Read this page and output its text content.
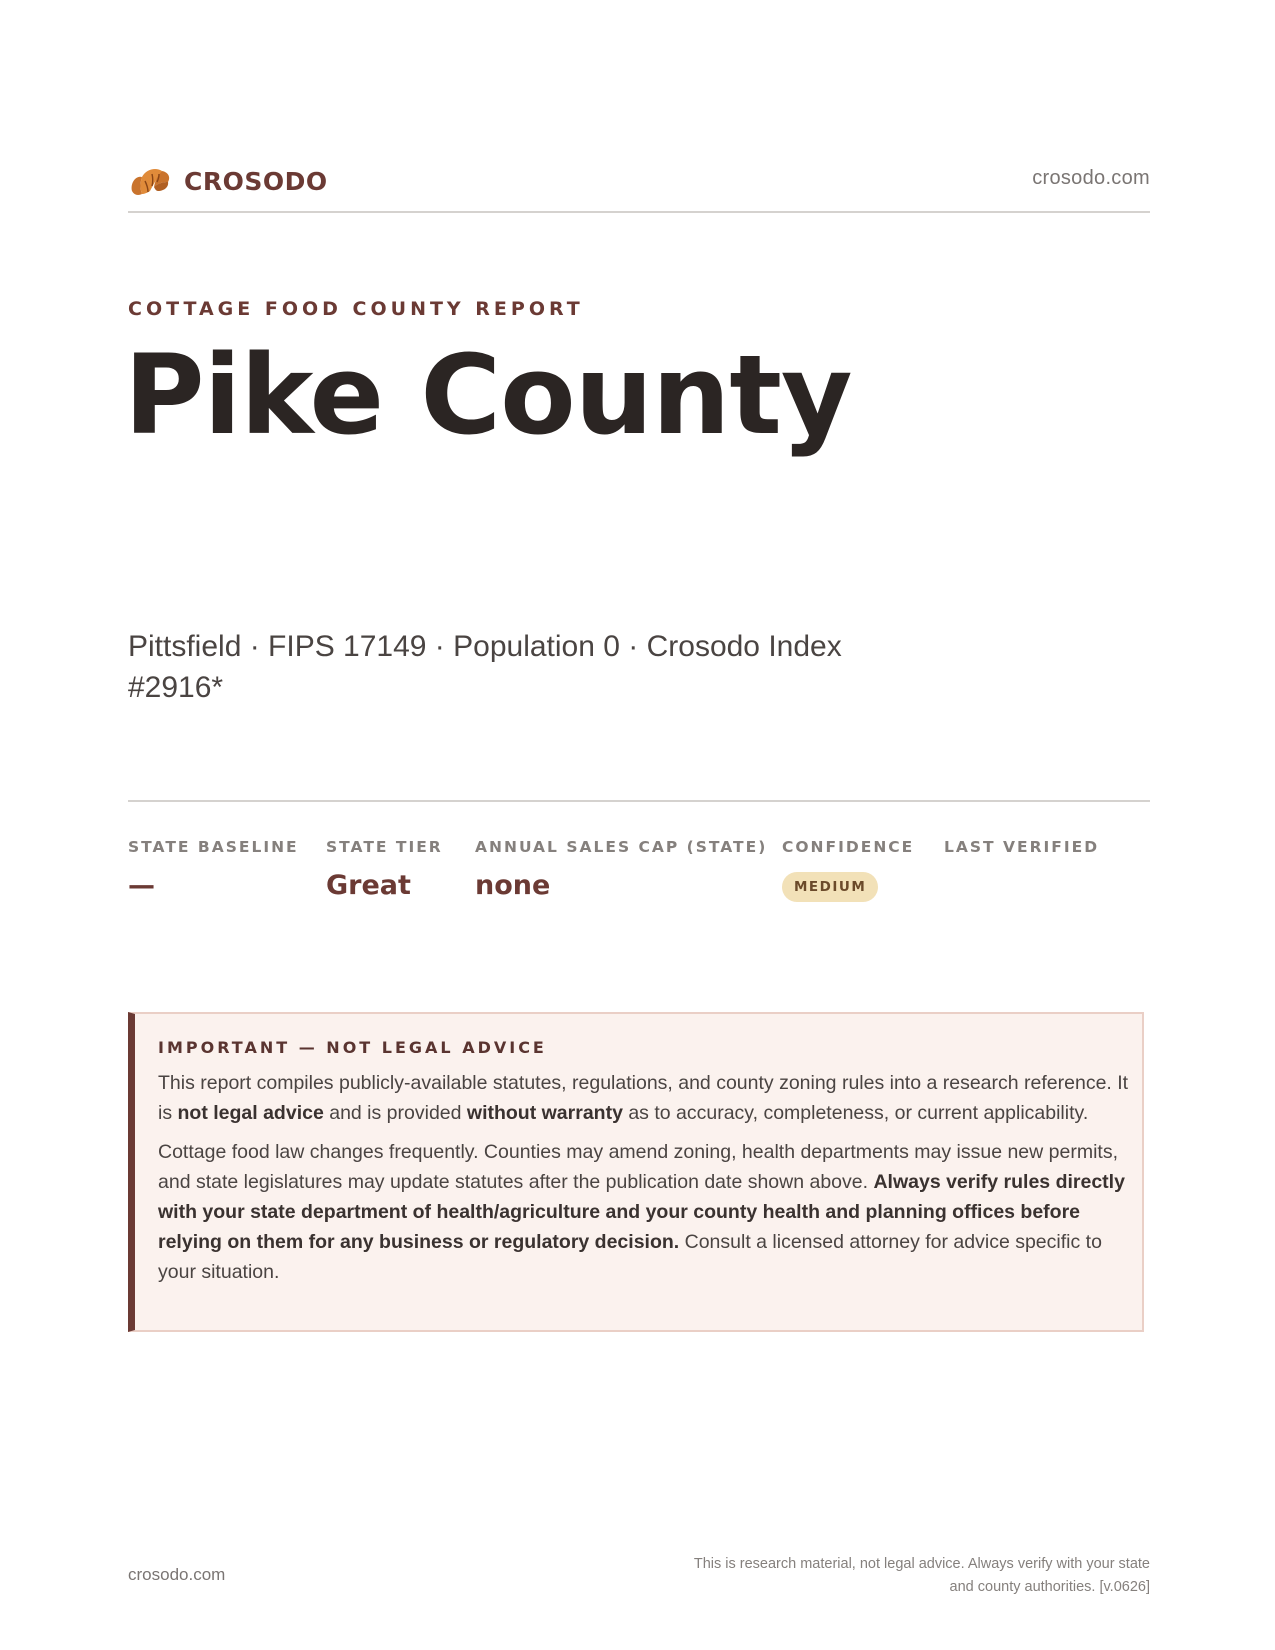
CROSODO	crosodo.com
COTTAGE FOOD COUNTY REPORT
Pike County
Pittsfield · FIPS 17149 · Population 0 · Crosodo Index #2916*
STATE BASELINE
—
STATE TIER
Great
ANNUAL SALES CAP (STATE)
none
CONFIDENCE
MEDIUM
LAST VERIFIED
IMPORTANT — NOT LEGAL ADVICE

This report compiles publicly-available statutes, regulations, and county zoning rules into a research reference. It is not legal advice and is provided without warranty as to accuracy, completeness, or current applicability.

Cottage food law changes frequently. Counties may amend zoning, health departments may issue new permits, and state legislatures may update statutes after the publication date shown above. Always verify rules directly with your state department of health/agriculture and your county health and planning offices before relying on them for any business or regulatory decision. Consult a licensed attorney for advice specific to your situation.

crosodo.com
This is research material, not legal advice. Always verify with your state
and county authorities. [v.0626]
